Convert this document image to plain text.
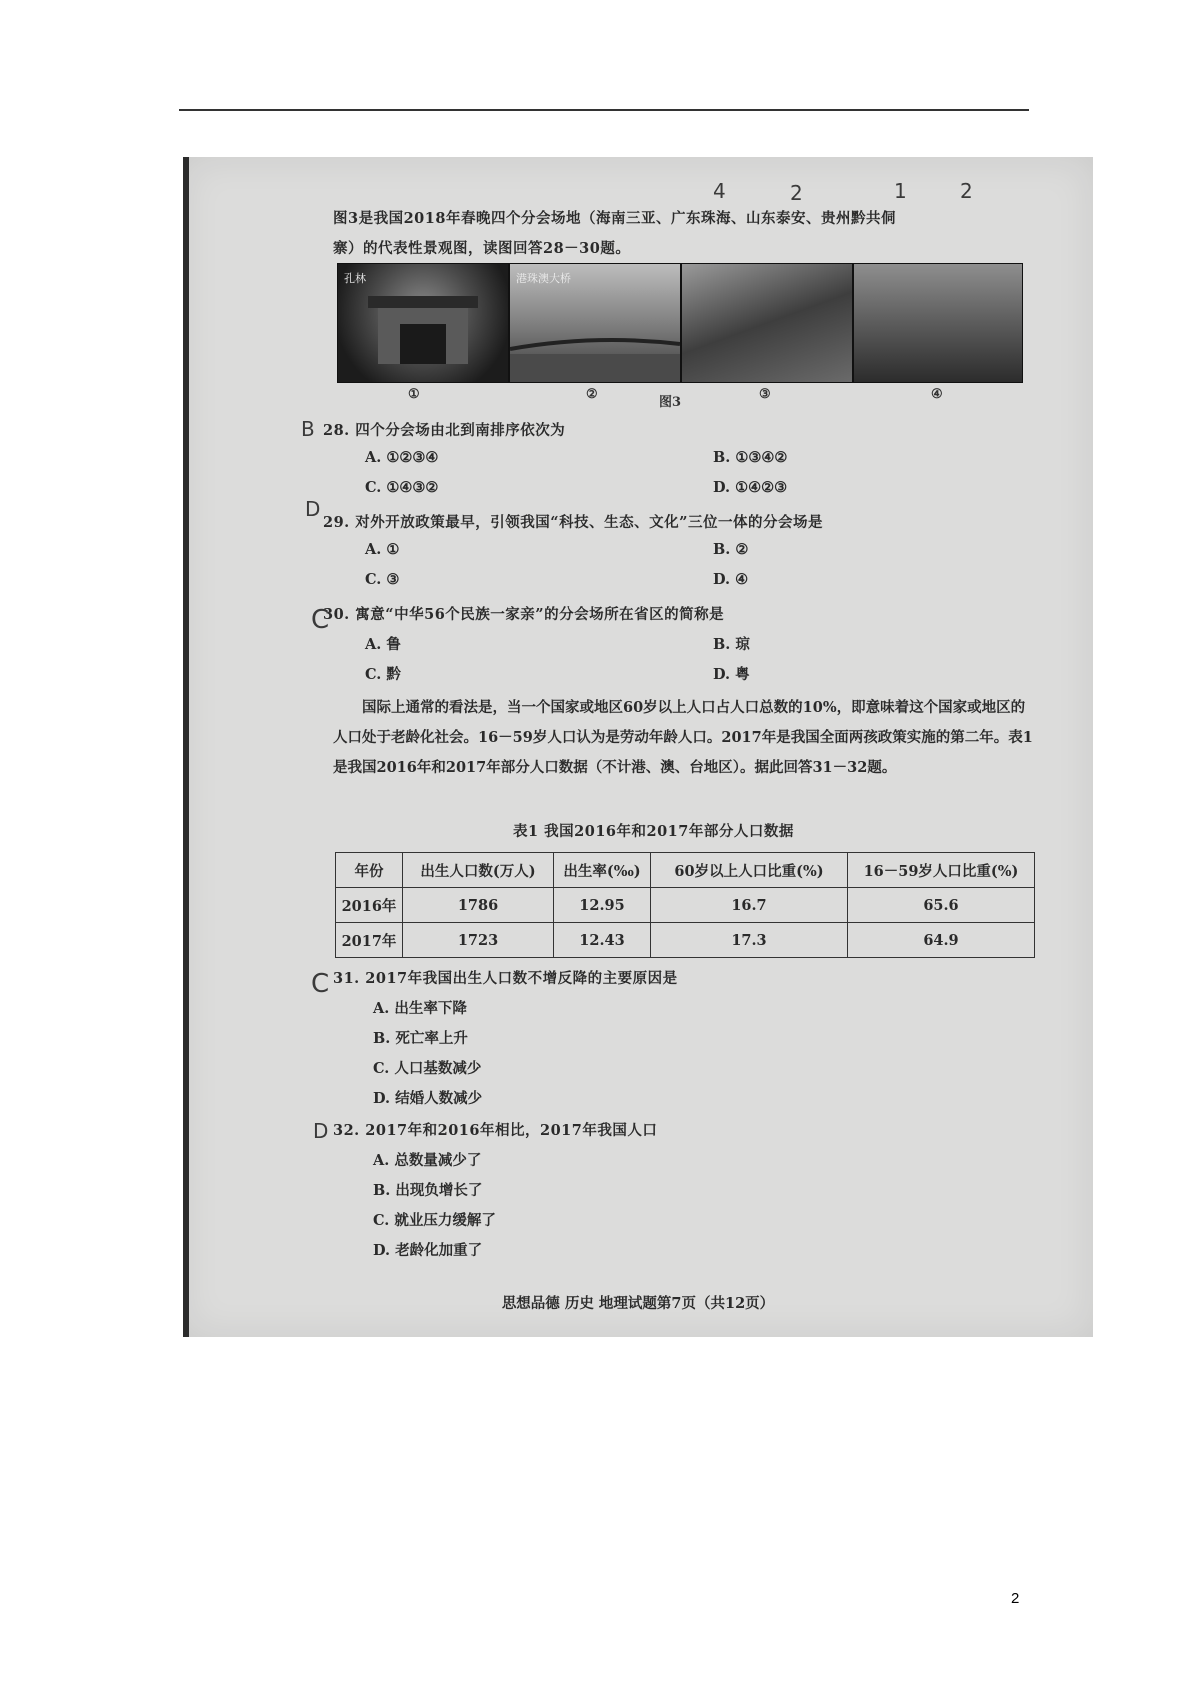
4	2	1	2
图3是我国2018年春晚四个分会场地（海南三亚、广东珠海、山东泰安、贵州黔共侗
寨）的代表性景观图，读图回答28－30题。
孔林	港珠澳大桥
①	②
图3
③	④
28. 四个分会场由北到南排序依次为
B
A. ①②③④	B. ①③④②
C. ①④③②	D. ①④②③
29. 对外开放政策最早，引领我国“科技、生态、文化”三位一体的分会场是
D
A. ①	B. ②
C. ③	D. ④
30. 寓意“中华56个民族一家亲”的分会场所在省区的简称是
C
A. 鲁	B. 琼
C. 黔	D. 粤
国际上通常的看法是，当一个国家或地区60岁以上人口占人口总数的10%，即意味着这个国家或地区的人口处于老龄化社会。16－59岁人口认为是劳动年龄人口。2017年是我国全面两孩政策实施的第二年。表1是我国2016年和2017年部分人口数据（不计港、澳、台地区）。据此回答31－32题。
表1 我国2016年和2017年部分人口数据
年份	出生人口数(万人)	出生率(‰)	60岁以上人口比重(%)	16－59岁人口比重(%)
2016年	1786	12.95	16.7	65.6
2017年	1723	12.43	17.3	64.9
31. 2017年我国出生人口数不增反降的主要原因是
C
A. 出生率下降
B. 死亡率上升
C. 人口基数减少
D. 结婚人数减少
32. 2017年和2016年相比，2017年我国人口
D
A. 总数量减少了
B. 出现负增长了
C. 就业压力缓解了
D. 老龄化加重了
思想品德 历史 地理试题第7页（共12页）
2
